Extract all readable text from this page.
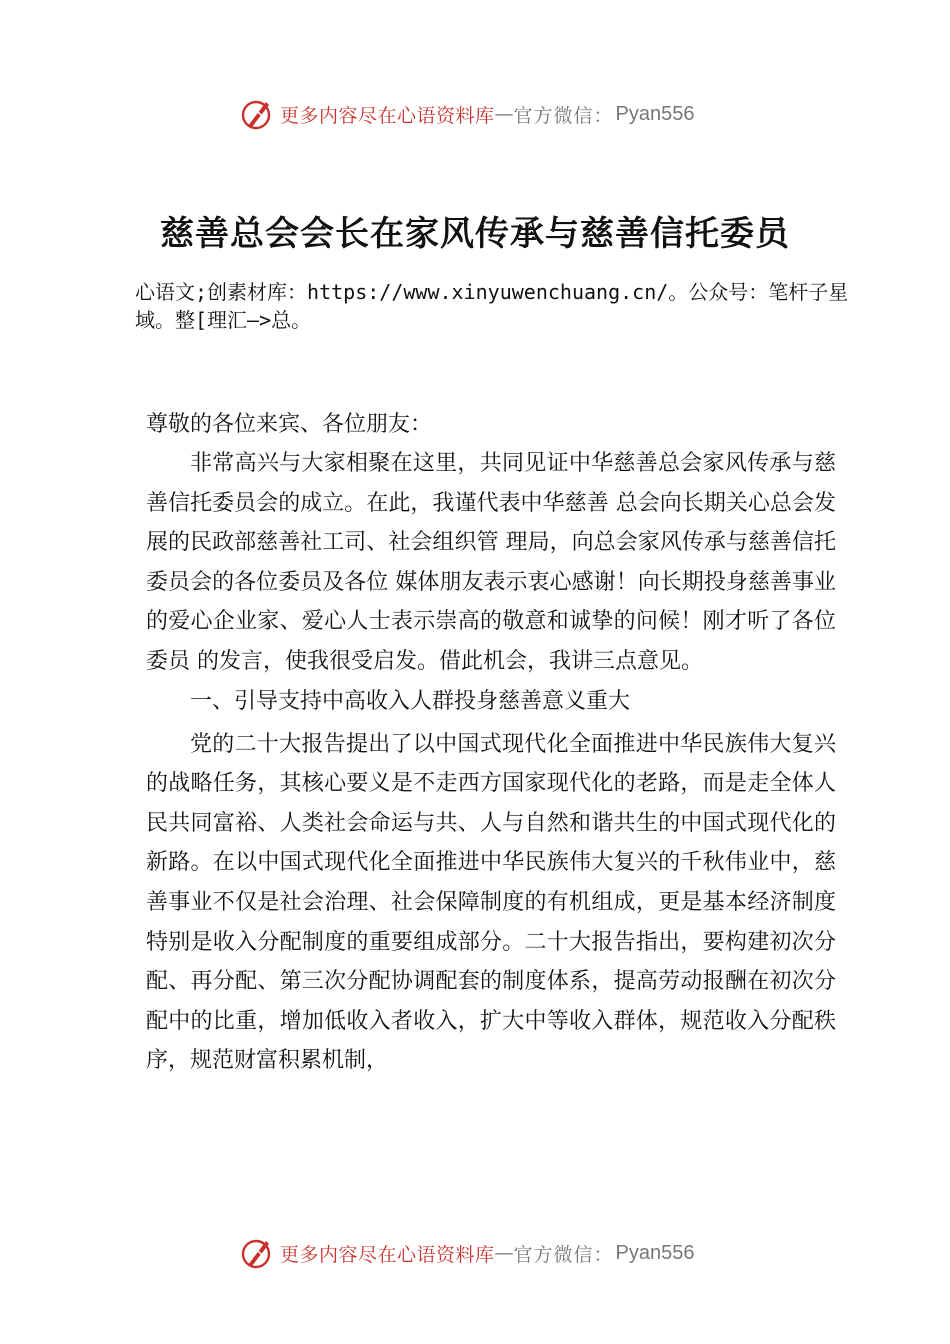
更多内容尽在心语资料库 — 官方微信： Pyan556
慈善总会会长在家风传承与慈善信托委员
心语文;创素材库：https://www.xinyuwenchuang.cn/。公众号：笔杆子星域。整[理汇—>总。

尊敬的各位来宾、各位朋友：

非常高兴与大家相聚在这里，共同见证中华慈善总会家风传承与慈善信托委员会的成立。在此，我谨代表中华慈善 总会向长期关心总会发展的民政部慈善社工司、社会组织管 理局，向总会家风传承与慈善信托委员会的各位委员及各位 媒体朋友表示衷心感谢！向长期投身慈善事业的爱心企业家、爱心人士表示崇高的敬意和诚挚的问候！刚才听了各位委员 的发言，使我很受启发。借此机会，我讲三点意见。

一、引导支持中高收入人群投身慈善意义重大

党的二十大报告提出了以中国式现代化全面推进中华民族伟大复兴的战略任务，其核心要义是不走西方国家现代化的老路，而是走全体人民共同富裕、人类社会命运与共、人与自然和谐共生的中国式现代化的新路。在以中国式现代化全面推进中华民族伟大复兴的千秋伟业中，慈善事业不仅是社会治理、社会保障制度的有机组成，更是基本经济制度特别是收入分配制度的重要组成部分。二十大报告指出，要构建初次分配、再分配、第三次分配协调配套的制度体系，提高劳动报酬在初次分配中的比重，增加低收入者收入，扩大中等收入群体，规范收入分配秩序，规范财富积累机制，

更多内容尽在心语资料库 — 官方微信： Pyan556
